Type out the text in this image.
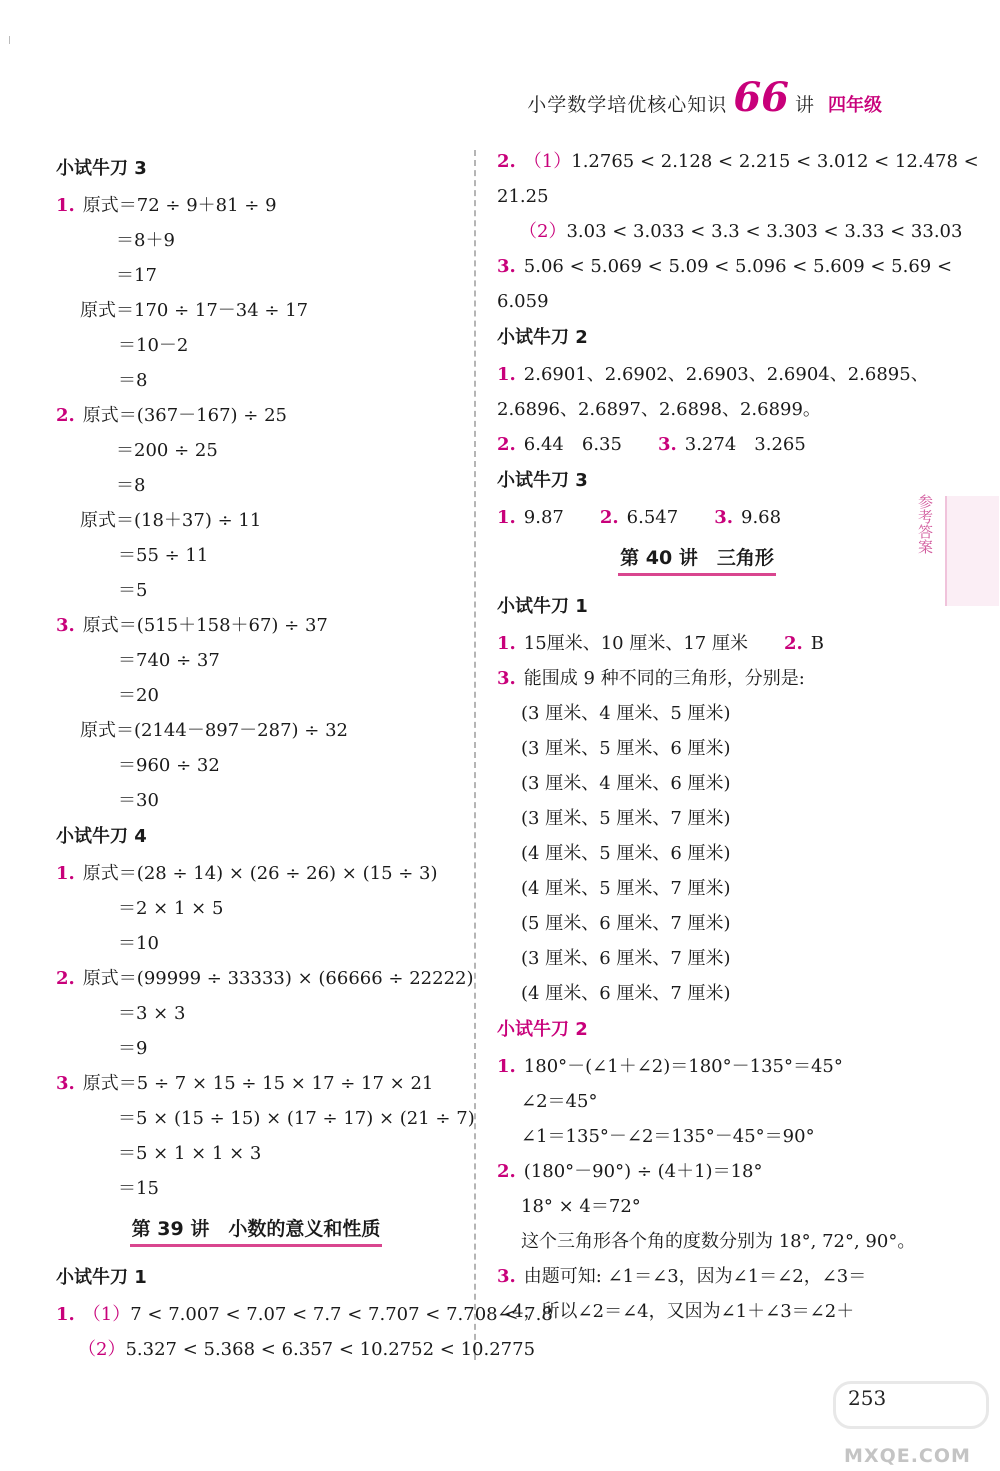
小学数学培优核心知识 66 讲 四年级
小试牛刀 3
1. 原式＝72 ÷ 9＋81 ÷ 9
＝8＋9
＝17
原式＝170 ÷ 17－34 ÷ 17
＝10－2
＝8
2. 原式＝(367－167) ÷ 25
＝200 ÷ 25
＝8
原式＝(18＋37) ÷ 11
＝55 ÷ 11
＝5
3. 原式＝(515＋158＋67) ÷ 37
＝740 ÷ 37
＝20
原式＝(2144－897－287) ÷ 32
＝960 ÷ 32
＝30
小试牛刀 4
1. 原式＝(28 ÷ 14) × (26 ÷ 26) × (15 ÷ 3)
＝2 × 1 × 5
＝10
2. 原式＝(99999 ÷ 33333) × (66666 ÷ 22222)
＝3 × 3
＝9
3. 原式＝5 ÷ 7 × 15 ÷ 15 × 17 ÷ 17 × 21
＝5 × (15 ÷ 15) × (17 ÷ 17) × (21 ÷ 7)
＝5 × 1 × 1 × 3
＝15
第 39 讲　小数的意义和性质
小试牛刀 1
1. （1）7 < 7.007 < 7.07 < 7.7 < 7.707 < 7.708 < 7.8
（2）5.327 < 5.368 < 6.357 < 10.2752 < 10.2775
2. （1）1.2765 < 2.128 < 2.215 < 3.012 < 12.478 <
21.25
（2）3.03 < 3.033 < 3.3 < 3.303 < 3.33 < 33.03
3. 5.06 < 5.069 < 5.09 < 5.096 < 5.609 < 5.69 <
6.059
小试牛刀 2
1. 2.6901、2.6902、2.6903、2.6904、2.6895、
2.6896、2.6897、2.6898、2.6899。
2. 6.44　6.35　　3. 3.274　3.265
小试牛刀 3
1. 9.87　　2. 6.547　　3. 9.68
第 40 讲　三角形
小试牛刀 1
1. 15厘米、10 厘米、17 厘米　　2. B
3. 能围成 9 种不同的三角形，分别是:
(3 厘米、4 厘米、5 厘米)
(3 厘米、5 厘米、6 厘米)
(3 厘米、4 厘米、6 厘米)
(3 厘米、5 厘米、7 厘米)
(4 厘米、5 厘米、6 厘米)
(4 厘米、5 厘米、7 厘米)
(5 厘米、6 厘米、7 厘米)
(3 厘米、6 厘米、7 厘米)
(4 厘米、6 厘米、7 厘米)
小试牛刀 2
1. 180°－(∠1＋∠2)＝180°－135°＝45°
∠2＝45°
∠1＝135°－∠2＝135°－45°＝90°
2. (180°－90°) ÷ (4＋1)＝18°
18° × 4＝72°
这个三角形各个角的度数分别为 18°, 72°, 90°。
3. 由题可知: ∠1＝∠3，因为∠1＝∠2，∠3＝
∠4，所以∠2＝∠4，又因为∠1＋∠3＝∠2＋
参考答案
253
MXQE.COM
